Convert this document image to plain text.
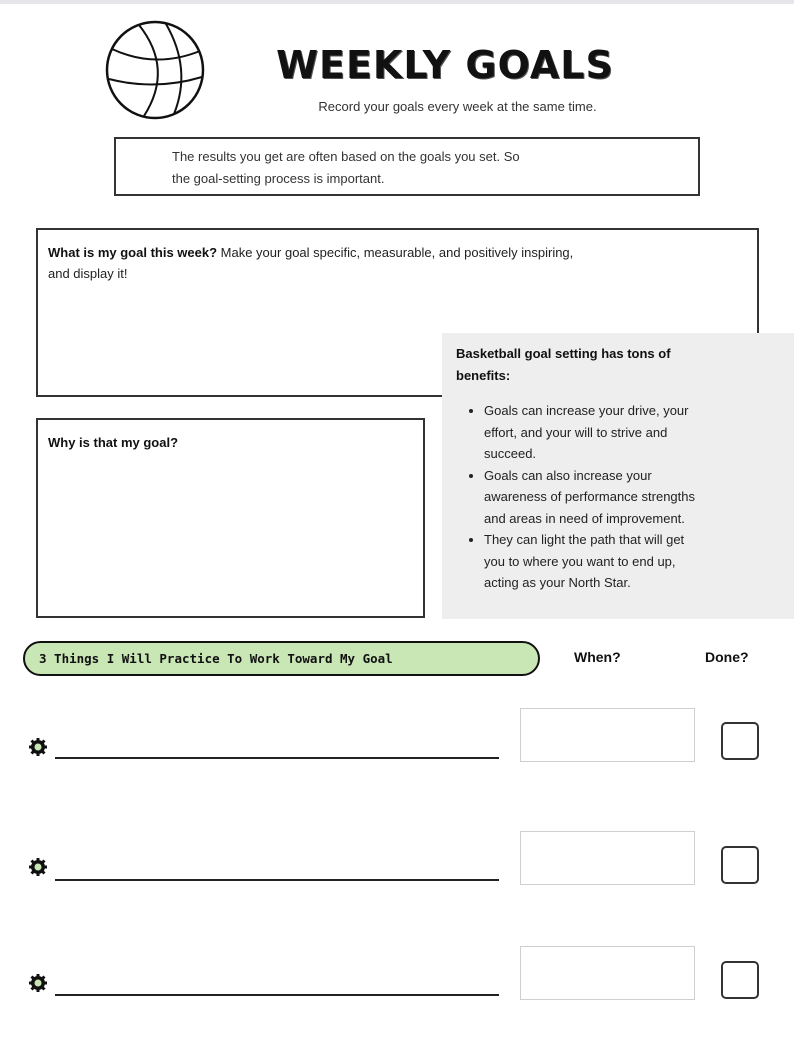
WEEKLY GOALS
Record your goals every week at the same time.
The results you get are often based on the goals you set. So
the goal-setting process is important.
What is my goal this week? Make your goal specific, measurable, and positively inspiring,
and display it!
Why is that my goal?
Basketball goal setting has tons of
benefits:
• Goals can increase your drive, your
effort, and your will to strive and
succeed.
• Goals can also increase your
awareness of performance strengths
and areas in need of improvement.
• They can light the path that will get
you to where you want to end up,
acting as your North Star.
3 Things I Will Practice To Work Toward My Goal	When?	Done?
